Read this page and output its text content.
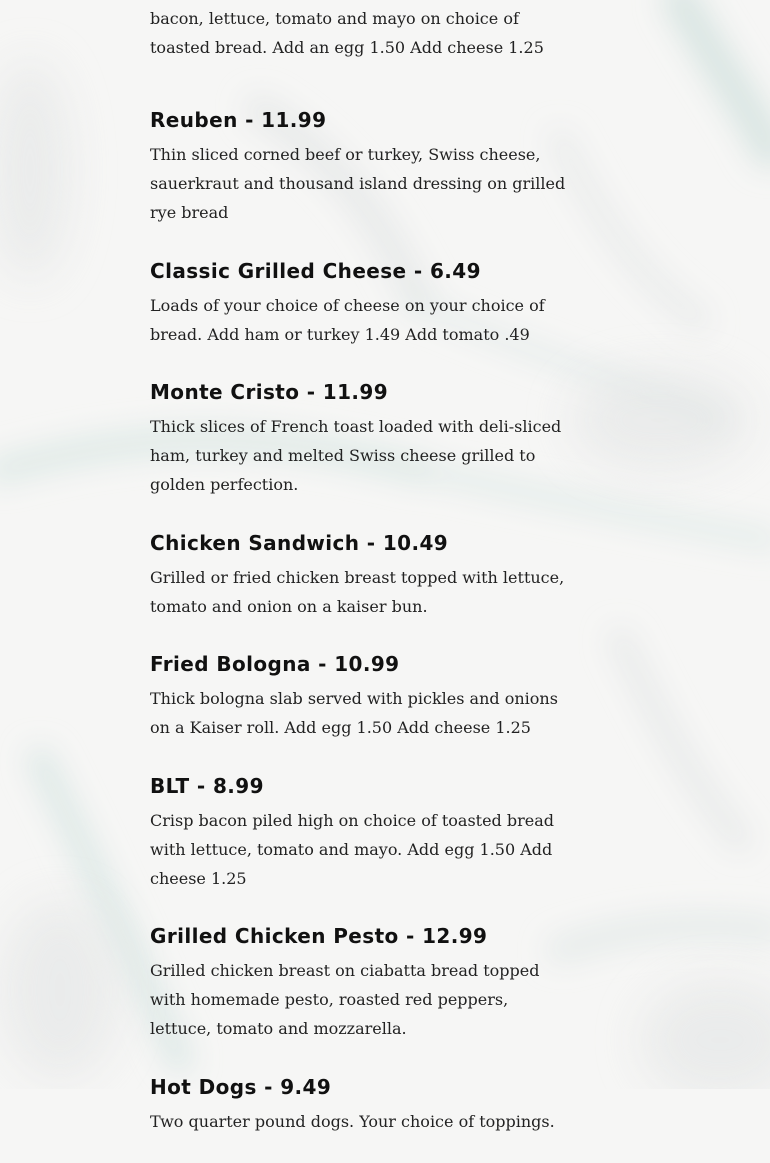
bacon, lettuce, tomato and mayo on choice of toasted bread. Add an egg 1.50 Add cheese 1.25

Reuben - 11.99

Thin sliced corned beef or turkey, Swiss cheese, sauerkraut and thousand island dressing on grilled rye bread

Classic Grilled Cheese - 6.49

Loads of your choice of cheese on your choice of bread. Add ham or turkey 1.49 Add tomato .49

Monte Cristo - 11.99

Thick slices of French toast loaded with deli-sliced ham, turkey and melted Swiss cheese grilled to golden perfection.

Chicken Sandwich - 10.49

Grilled or fried chicken breast topped with lettuce, tomato and onion on a kaiser bun.

Fried Bologna - 10.99

Thick bologna slab served with pickles and onions on a Kaiser roll. Add egg 1.50 Add cheese 1.25

BLT - 8.99

Crisp bacon piled high on choice of toasted bread with lettuce, tomato and mayo. Add egg 1.50 Add cheese 1.25

Grilled Chicken Pesto - 12.99

Grilled chicken breast on ciabatta bread topped with homemade pesto, roasted red peppers, lettuce, tomato and mozzarella.

Hot Dogs - 9.49

Two quarter pound dogs. Your choice of toppings.
